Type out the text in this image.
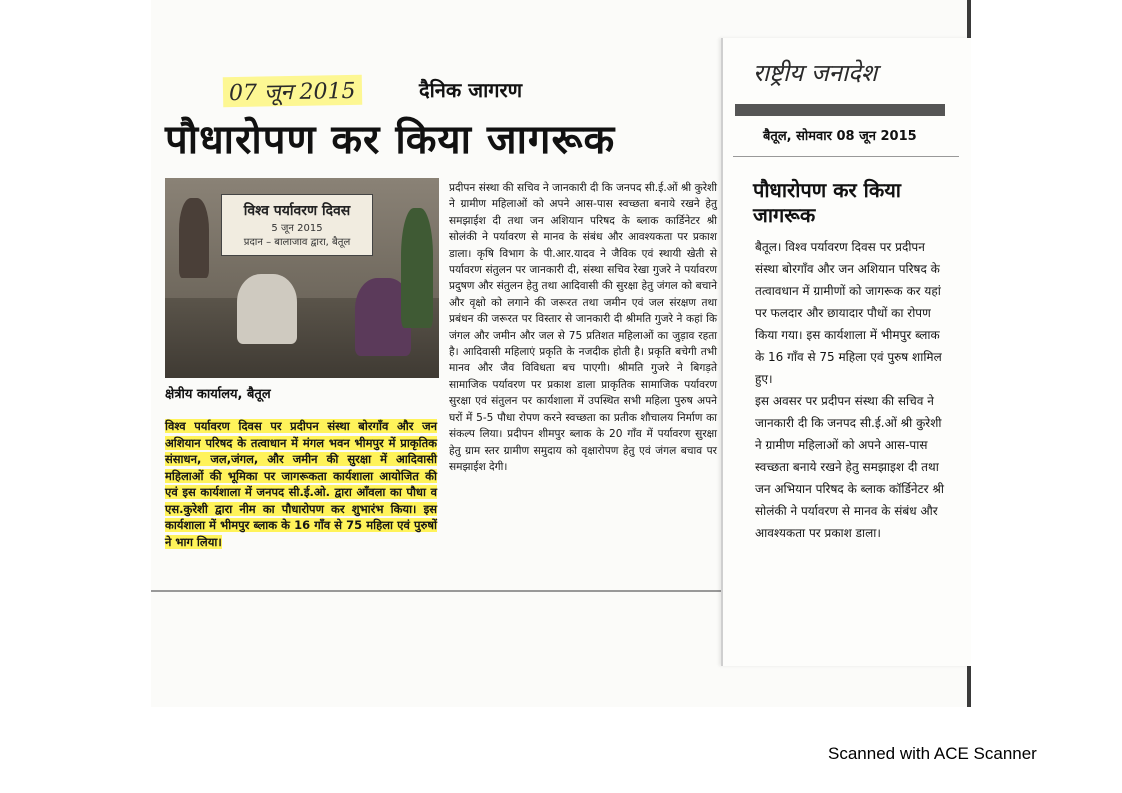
07 जून 2015	दैनिक जागरण
पौधारोपण कर किया जागरूक
विश्व पर्यावरण दिवस
5 जून 2015
प्रदान – बालाजाव द्वारा, बैतूल
क्षेत्रीय कार्यालय, बैतूल
विश्व पर्यावरण दिवस पर प्रदीपन संस्था बोरगाँव और जन अशियान परिषद के तत्वाधान में मंगल भवन भीमपुर में प्राकृतिक संसाधन, जल,जंगल, और जमीन की सुरक्षा में आदिवासी महिलाओं की भूमिका पर जागरूकता कार्यशाला आयोजित की एवं इस कार्यशाला में जनपद सी.ई.ओ. द्वारा आँवला का पौधा व एस.कुरेशी द्वारा नीम का पौधारोपण कर शुभारंभ किया। इस कार्यशाला में भीमपुर ब्लाक के 16 गाँव से 75 महिला एवं पुरुषों ने भाग लिया।
प्रदीपन संस्था की सचिव ने जानकारी दी कि जनपद सी.ई.ओं श्री कुरेशी ने ग्रामीण महिलाओं को अपने आस-पास स्वच्छता बनाये रखने हेतु समझाईश दी तथा जन अशियान परिषद के ब्लाक कार्डिनेटर श्री सोलंकी ने पर्यावरण से मानव के संबंध और आवश्यकता पर प्रकाश डाला। कृषि विभाग के पी.आर.यादव ने जैविक एवं स्थायी खेती से पर्यावरण संतुलन पर जानकारी दी, संस्था सचिव रेखा गुजरे ने पर्यावरण प्रदुषण और संतुलन हेतु तथा आदिवासी की सुरक्षा हेतु जंगल को बचाने और वृक्षो को लगाने की जरूरत तथा जमीन एवं जल संरक्षण तथा प्रबंधन की जरूरत पर विस्तार से जानकारी दी श्रीमति गुजरे ने कहां कि जंगल और जमीन और जल से 75 प्रतिशत महिलाओं का जुड़ाव रहता है। आदिवासी महिलाएं प्रकृति के नजदीक होती है। प्रकृति बचेगी तभी मानव और जैव विविधता बच पाएगी। श्रीमति गुजरे ने बिगड़ते सामाजिक पर्यावरण पर प्रकाश डाला प्राकृतिक सामाजिक पर्यावरण सुरक्षा एवं संतुलन पर कार्यशाला में उपस्थित सभी महिला पुरुष अपने घरों में 5-5 पौधा रोपण करने स्वच्छता का प्रतीक शौचालय निर्माण का संकल्प लिया। प्रदीपन शीमपुर ब्लाक के 20 गाँव में पर्यावरण सुरक्षा हेतु ग्राम स्तर ग्रामीण समुदाय को वृक्षारोपण हेतु एवं जंगल बचाव पर समझाईश देगी।
राष्ट्रीय जनादेश
बैतूल, सोमवार 08 जून 2015
पौधारोपण कर किया जागरूक

बैतूल। विश्व पर्यावरण दिवस पर प्रदीपन संस्था बोरगाँव और जन अशियान परिषद के तत्वावधान में ग्रामीणों को जागरूक कर यहां पर फलदार और छायादार पौधों का रोपण किया गया। इस कार्यशाला में भीमपुर ब्लाक के 16 गाँव से 75 महिला एवं पुरुष शामिल हुए।

इस अवसर पर प्रदीपन संस्था की सचिव ने जानकारी दी कि जनपद सी.ई.ओं श्री कुरेशी ने ग्रामीण महिलाओं को अपने आस-पास स्वच्छता बनाये रखने हेतु समझाइश दी तथा जन अभियान परिषद के ब्लाक कॉर्डिनेटर श्री सोलंकी ने पर्यावरण से मानव के संबंध और आवश्यकता पर प्रकाश डाला।

Scanned with ACE Scanner
